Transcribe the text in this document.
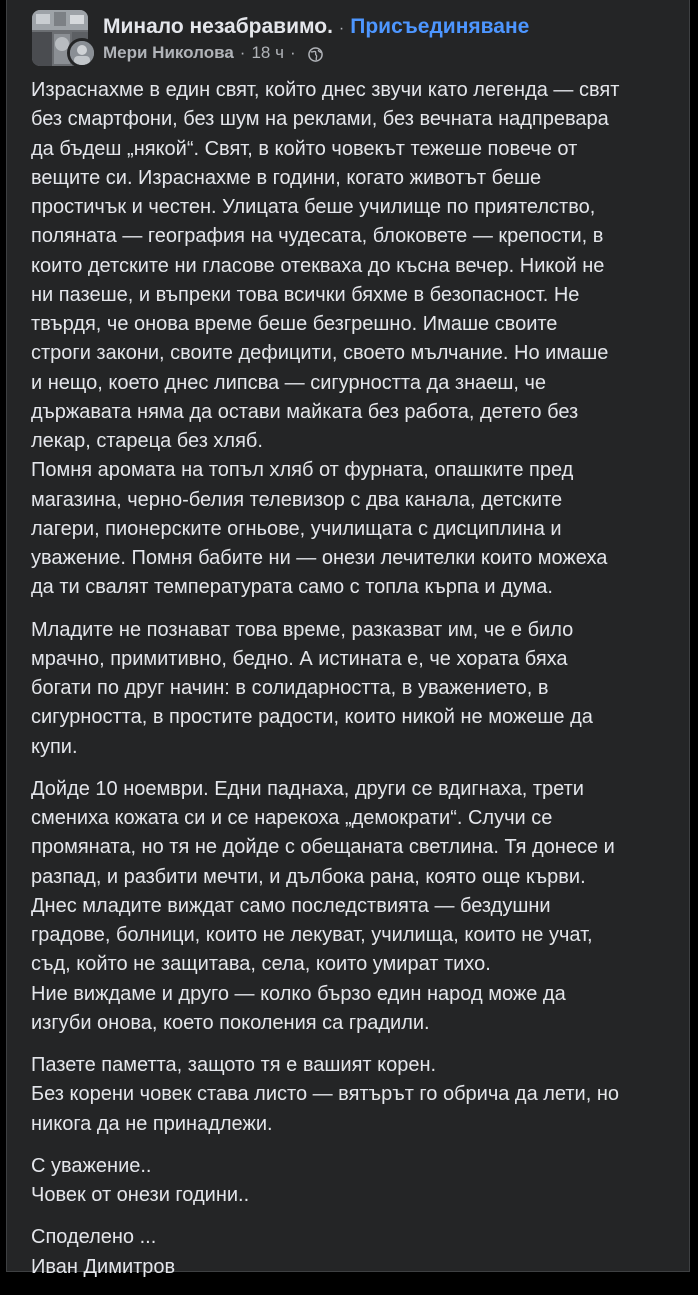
Минало незабравимо. · Присъединяване
Мери Николова · 18 ч ·
Израснахме в един свят, който днес звучи като легенда — свят
без смартфони, без шум на реклами, без вечната надпревара
да бъдеш „някой“. Свят, в който човекът тежеше повече от
вещите си. Израснахме в години, когато животът беше
простичък и честен. Улицата беше училище по приятелство,
поляната — география на чудесата, блоковете — крепости, в
които детските ни гласове отекваха до късна вечер. Никой не
ни пазеше, и въпреки това всички бяхме в безопасност. Не
твърдя, че онова време беше безгрешно. Имаше своите
строги закони, своите дефицити, своето мълчание. Но имаше
и нещо, което днес липсва — сигурността да знаеш, че
държавата няма да остави майката без работа, детето без
лекар, стареца без хляб.
Помня аромата на топъл хляб от фурната, опашките пред
магазина, черно-белия телевизор с два канала, детските
лагери, пионерските огньове, училищата с дисциплина и
уважение. Помня бабите ни — онези лечителки които можеха
да ти свалят температурата само с топла кърпа и дума.
Младите не познават това време, разказват им, че е било
мрачно, примитивно, бедно. А истината е, че хората бяха
богати по друг начин: в солидарността, в уважението, в
сигурността, в простите радости, които никой не можеше да
купи.
Дойде 10 ноември. Едни паднаха, други се вдигнаха, трети
смениха кожата си и се нарекоха „демократи“. Случи се
промяната, но тя не дойде с обещаната светлина. Тя донесе и
разпад, и разбити мечти, и дълбока рана, която още кърви.
Днес младите виждат само последствията — бездушни
градове, болници, които не лекуват, училища, които не учат,
съд, който не защитава, села, които умират тихо.
Ние виждаме и друго — колко бързо един народ може да
изгуби онова, което поколения са градили.
Пазете паметта, защото тя е вашият корен.
Без корени човек става листо — вятърът го обрича да лети, но
никога да не принадлежи.
С уважение..
Човек от онези години..
Споделено ...
Иван Димитров
